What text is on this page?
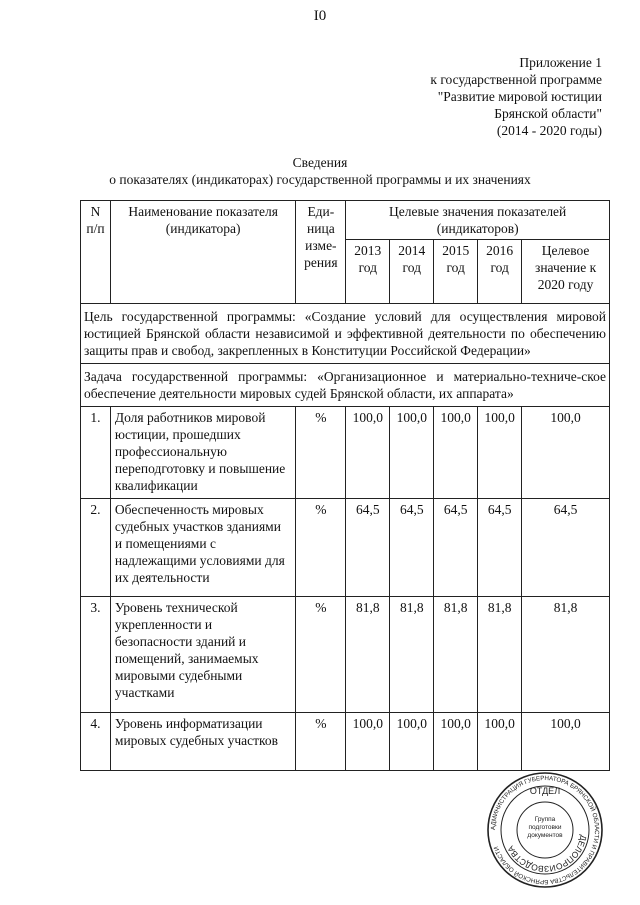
I0
Приложение 1
к государственной программе
"Развитие мировой юстиции
Брянской области"
(2014 - 2020 годы)
Сведения
о показателях (индикаторах) государственной программы и их значениях
N п/п	Наименование показателя (индикатора)	Еди-ница изме-рения	Целевые значения показателей (индикаторов)				
			2013 год	2014 год	2015 год	2016 год	Целевое значение к 2020 году
Цель государственной программы: «Создание условий для осуществления мировой юстицией Брянской области независимой и эффективной деятельности по обеспечению защиты прав и свобод, закрепленных в Конституции Российской Федерации»							
Задача государственной программы: «Организационное и материально-техниче-ское обеспечение деятельности мировых судей Брянской области, их аппарата»							
1.	Доля работников мировой юстиции, прошедших профессиональную переподготовку и повышение квалификации	%	100,0	100,0	100,0	100,0	100,0
2.	Обеспеченность мировых судебных участков зданиями и помещениями с надлежащими условиями для их деятельности	%	64,5	64,5	64,5	64,5	64,5
3.	Уровень технической укрепленности и безопасности зданий и помещений, занимаемых мировыми судебными участками	%	81,8	81,8	81,8	81,8	81,8
4.	Уровень информатизации мировых судебных участков	%	100,0	100,0	100,0	100,0	100,0
АДМИНИСТРАЦИЯ ГУБЕРНАТОРА БРЯНСКОЙ ОБЛАСТИ И ПРАВИТЕЛЬСТВА БРЯНСКОЙ ОБЛАСТИ
ОТДЕЛ
ДЕЛОПРОИЗВОДСТВА
Группа подготовки документов
